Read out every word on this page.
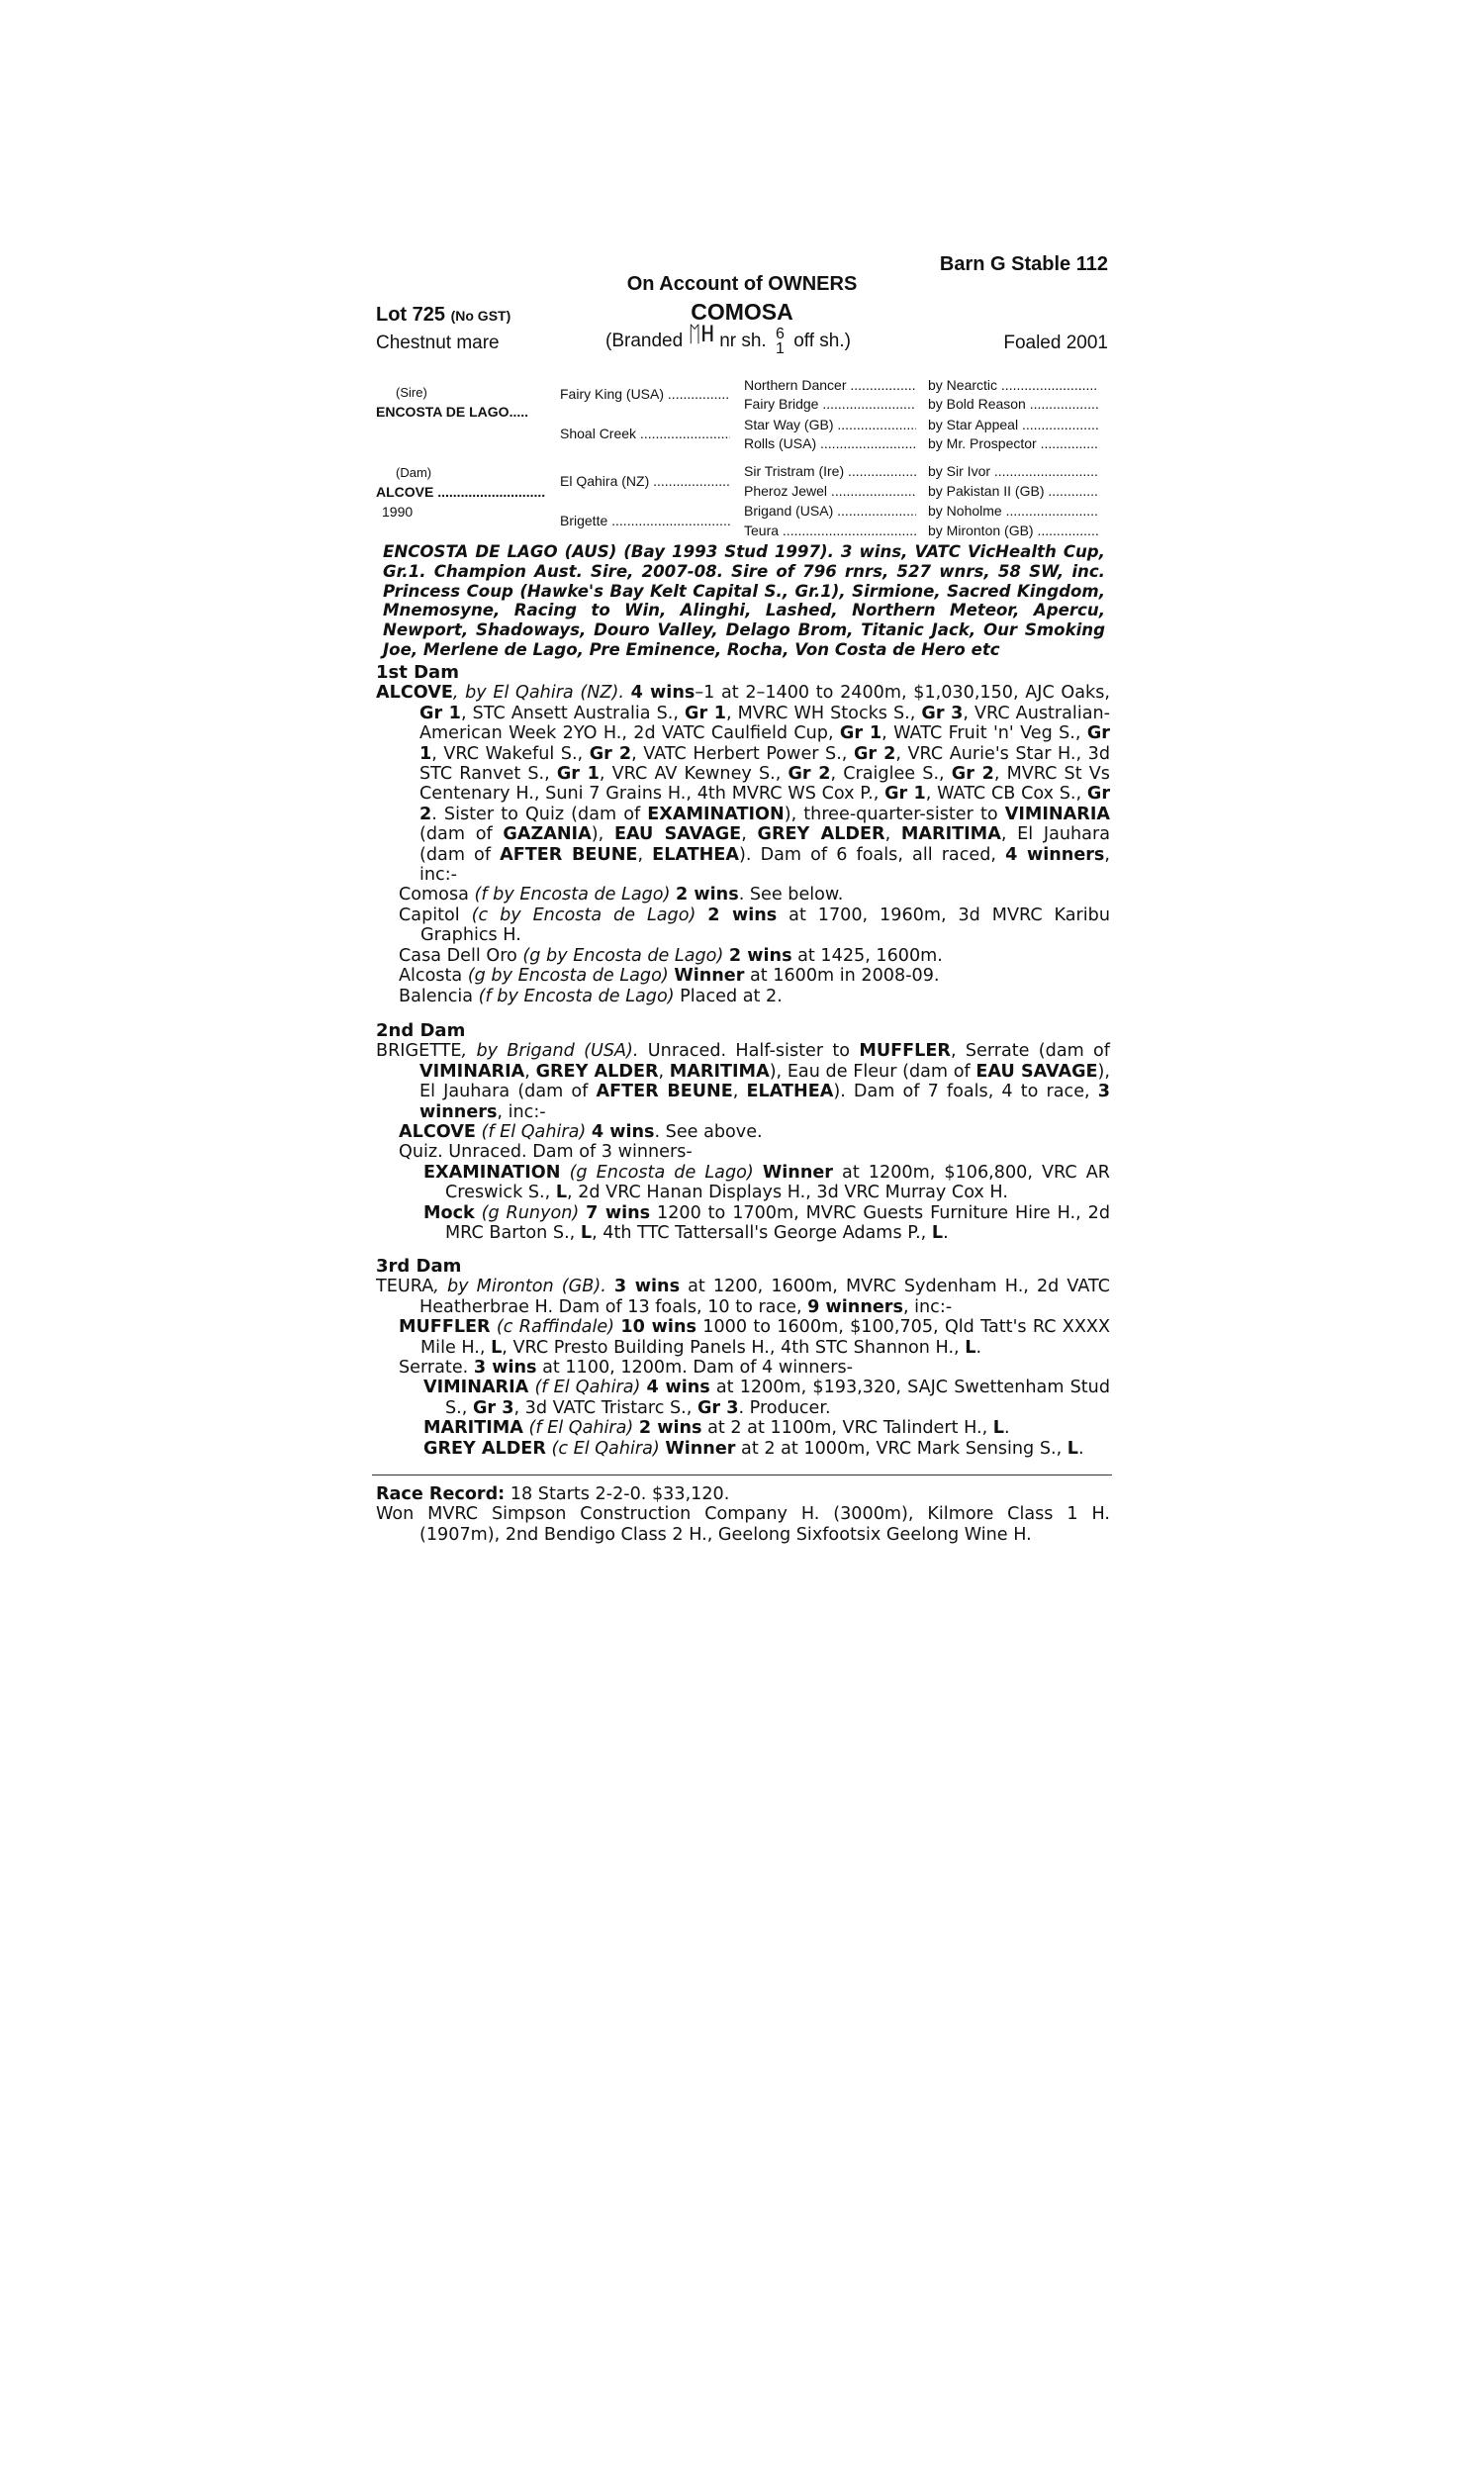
Barn G Stable 112
On Account of OWNERS
COMOSA
Lot 725 (No GST)
Chestnut mare	(Branded ᛖH nr sh. 6
1 off sh.)	Foaled 2001
(Sire)
ENCOSTA DE LAGO.....
(Dam)
ALCOVE .....
1990
Fairy King (USA) .....
Shoal Creek .....
El Qahira (NZ) .....
Brigette .....
Northern Dancer .....
Fairy Bridge .....
Star Way (GB) .....
Rolls (USA) .....
Sir Tristram (Ire) .....
Pheroz Jewel .....
Brigand (USA) .....
Teura .....
by Nearctic .....
by Bold Reason .....
by Star Appeal .....
by Mr. Prospector .....
by Sir Ivor .....
by Pakistan II (GB) .....
by Noholme .....
by Mironton (GB) .....
ENCOSTA DE LAGO (AUS) (Bay 1993 Stud 1997). 3 wins, VATC VicHealth Cup, Gr.1. Champion Aust. Sire, 2007-08. Sire of 796 rnrs, 527 wnrs, 58 SW, inc. Princess Coup (Hawke's Bay Kelt Capital S., Gr.1), Sirmione, Sacred Kingdom, Mnemosyne, Racing to Win, Alinghi, Lashed, Northern Meteor, Apercu, Newport, Shadoways, Douro Valley, Delago Brom, Titanic Jack, Our Smoking Joe, Merlene de Lago, Pre Eminence, Rocha, Von Costa de Hero etc
1st Dam

ALCOVE, by El Qahira (NZ). 4 wins–1 at 2–1400 to 2400m, $1,030,150, AJC Oaks, Gr 1, STC Ansett Australia S., Gr 1, MVRC WH Stocks S., Gr 3, VRC Australian-American Week 2YO H., 2d VATC Caulfield Cup, Gr 1, WATC Fruit 'n' Veg S., Gr 1, VRC Wakeful S., Gr 2, VATC Herbert Power S., Gr 2, VRC Aurie's Star H., 3d STC Ranvet S., Gr 1, VRC AV Kewney S., Gr 2, Craiglee S., Gr 2, MVRC St Vs Centenary H., Suni 7 Grains H., 4th MVRC WS Cox P., Gr 1, WATC CB Cox S., Gr 2. Sister to Quiz (dam of EXAMINATION), three-quarter-sister to VIMINARIA (dam of GAZANIA), EAU SAVAGE, GREY ALDER, MARITIMA, El Jauhara (dam of AFTER BEUNE, ELATHEA). Dam of 6 foals, all raced, 4 winners, inc:-

Comosa (f by Encosta de Lago) 2 wins. See below.

Capitol (c by Encosta de Lago) 2 wins at 1700, 1960m, 3d MVRC Karibu Graphics H.

Casa Dell Oro (g by Encosta de Lago) 2 wins at 1425, 1600m.

Alcosta (g by Encosta de Lago) Winner at 1600m in 2008-09.

Balencia (f by Encosta de Lago) Placed at 2.

2nd Dam

BRIGETTE, by Brigand (USA). Unraced. Half-sister to MUFFLER, Serrate (dam of VIMINARIA, GREY ALDER, MARITIMA), Eau de Fleur (dam of EAU SAVAGE), El Jauhara (dam of AFTER BEUNE, ELATHEA). Dam of 7 foals, 4 to race, 3 winners, inc:-

ALCOVE (f El Qahira) 4 wins. See above.

Quiz. Unraced. Dam of 3 winners-

EXAMINATION (g Encosta de Lago) Winner at 1200m, $106,800, VRC AR Creswick S., L, 2d VRC Hanan Displays H., 3d VRC Murray Cox H.

Mock (g Runyon) 7 wins 1200 to 1700m, MVRC Guests Furniture Hire H., 2d MRC Barton S., L, 4th TTC Tattersall's George Adams P., L.

3rd Dam

TEURA, by Mironton (GB). 3 wins at 1200, 1600m, MVRC Sydenham H., 2d VATC Heatherbrae H. Dam of 13 foals, 10 to race, 9 winners, inc:-

MUFFLER (c Raffindale) 10 wins 1000 to 1600m, $100,705, Qld Tatt's RC XXXX Mile H., L, VRC Presto Building Panels H., 4th STC Shannon H., L.

Serrate. 3 wins at 1100, 1200m. Dam of 4 winners-

VIMINARIA (f El Qahira) 4 wins at 1200m, $193,320, SAJC Swettenham Stud S., Gr 3, 3d VATC Tristarc S., Gr 3. Producer.

MARITIMA (f El Qahira) 2 wins at 2 at 1100m, VRC Talindert H., L.

GREY ALDER (c El Qahira) Winner at 2 at 1000m, VRC Mark Sensing S., L.

Race Record: 18 Starts 2-2-0. $33,120.

Won MVRC Simpson Construction Company H. (3000m), Kilmore Class 1 H. (1907m), 2nd Bendigo Class 2 H., Geelong Sixfootsix Geelong Wine H.
